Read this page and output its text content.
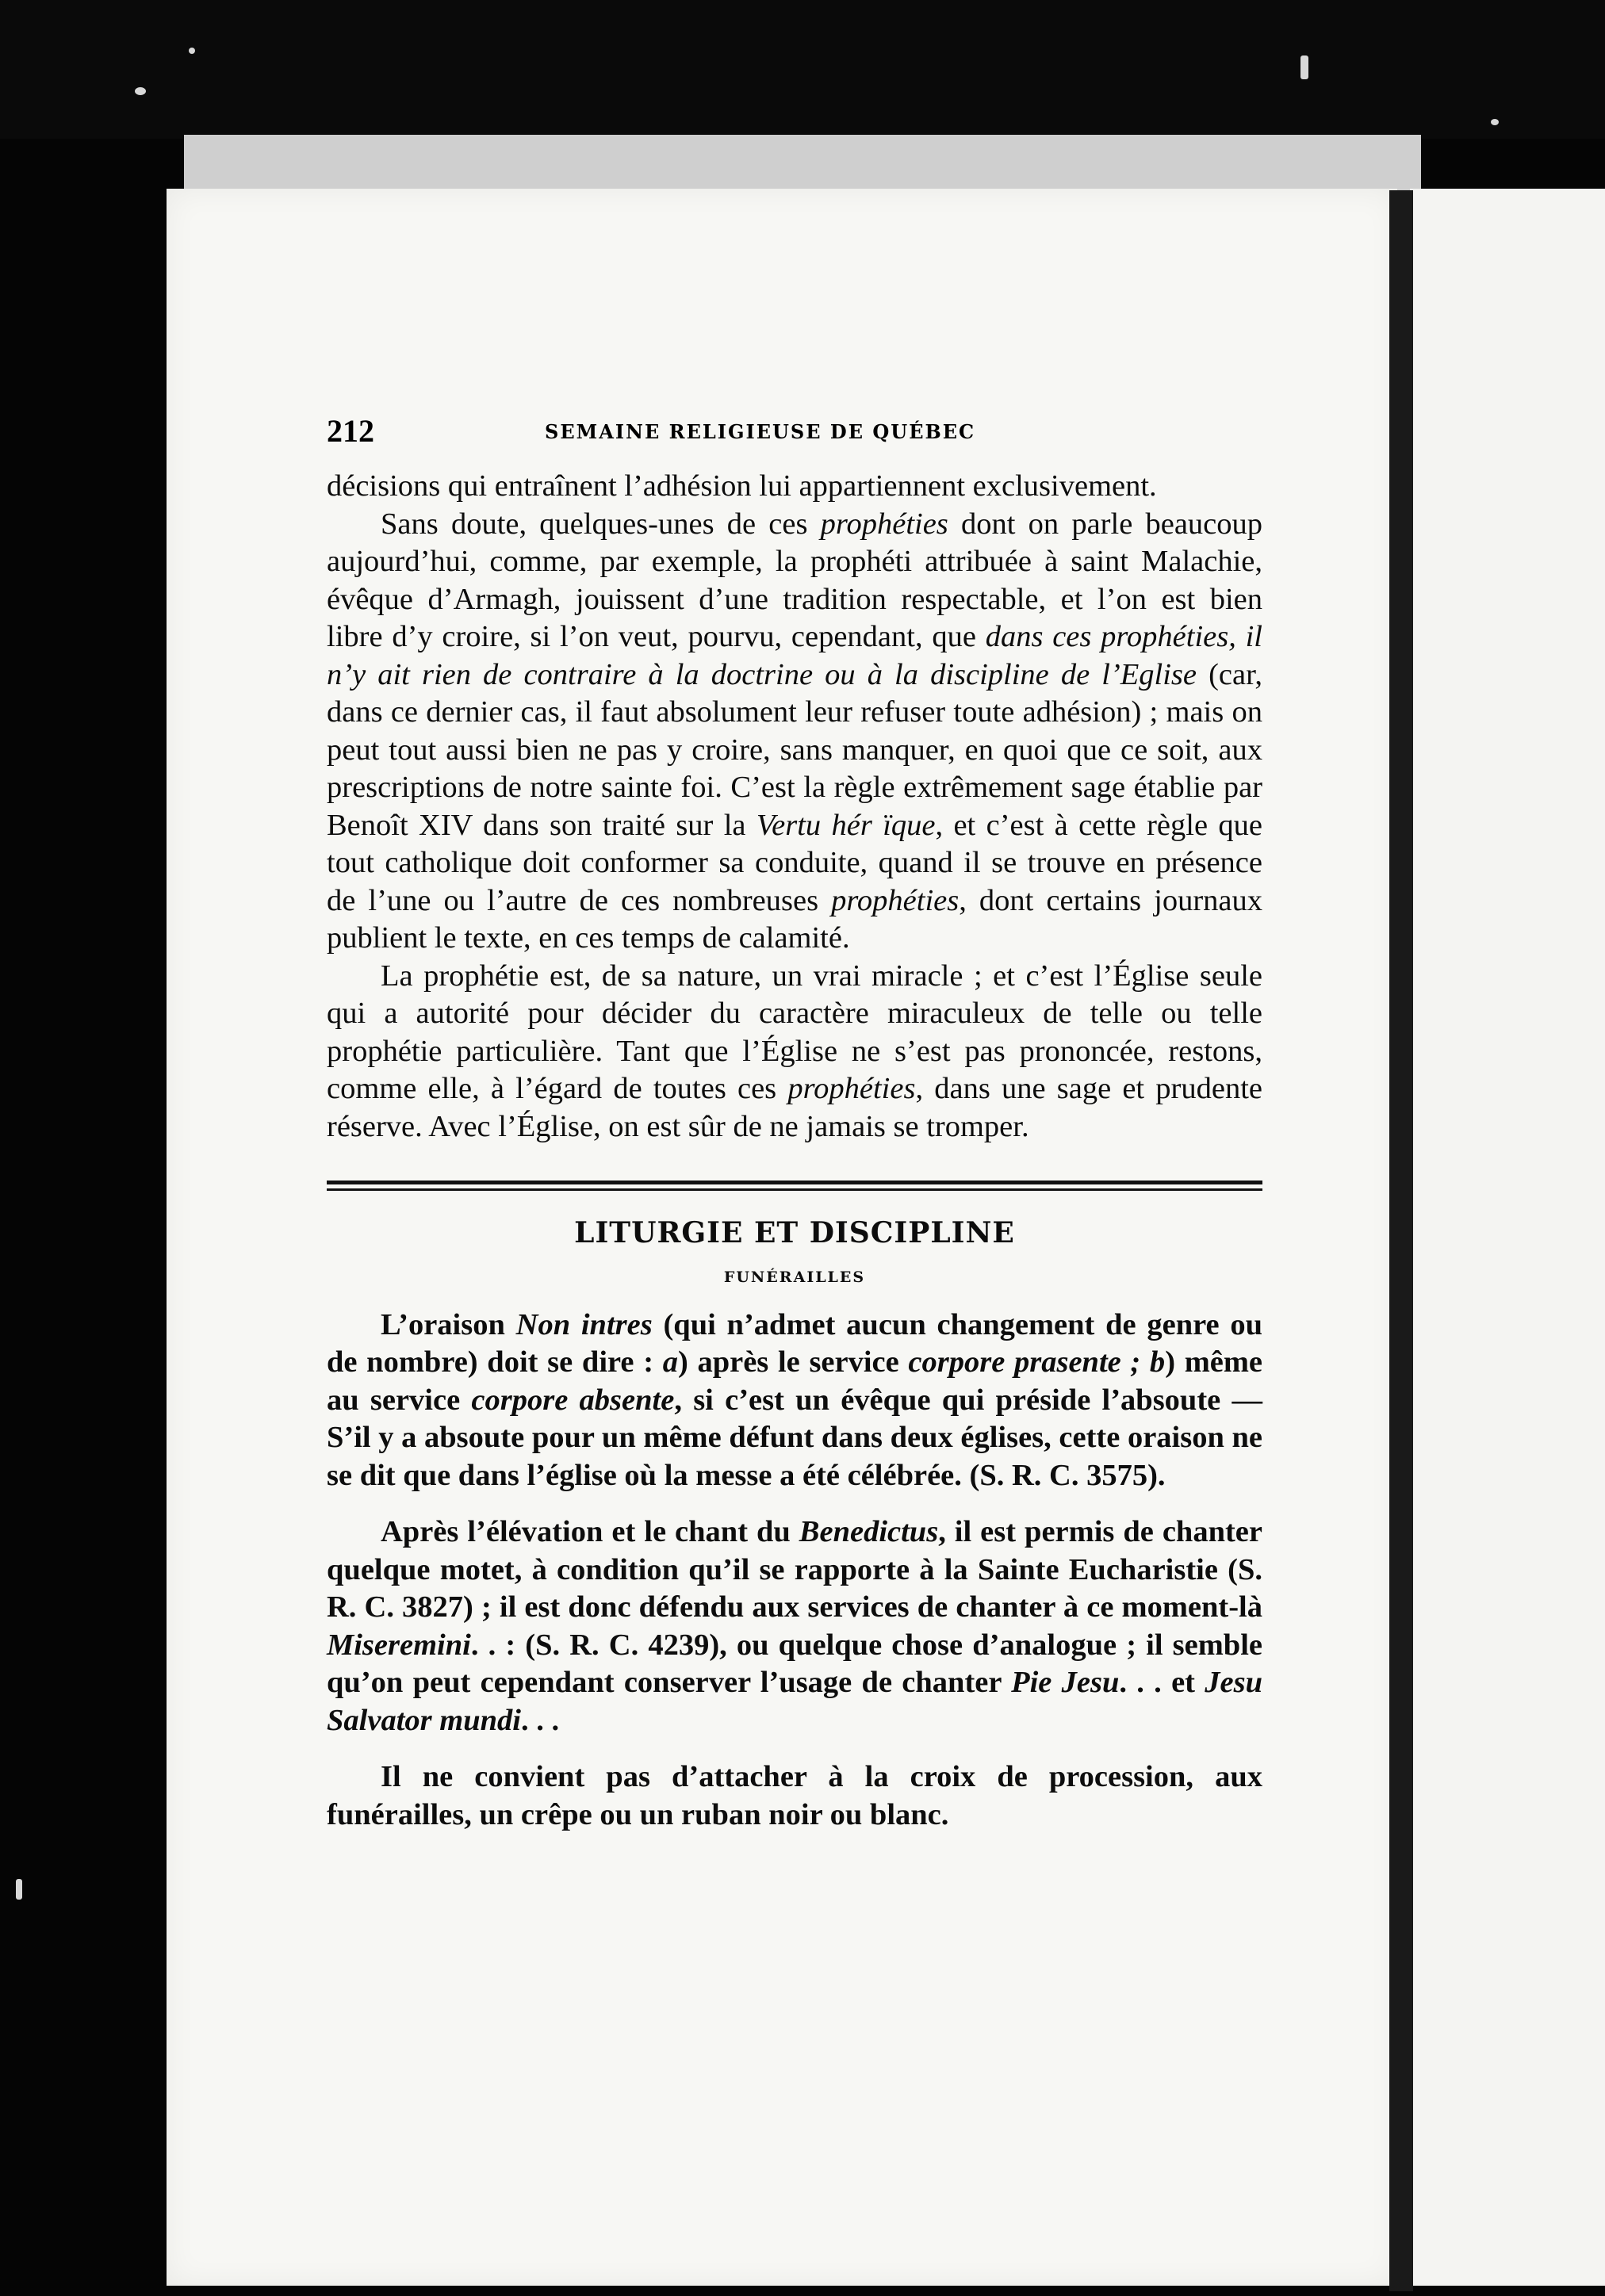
212	SEMAINE RELIGIEUSE DE QUÉBEC

décisions qui entraînent l’adhésion lui appartiennent exclusivement.

Sans doute, quelques-unes de ces prophéties dont on parle beaucoup aujourd’hui, comme, par exemple, la prophéti attribuée à saint Malachie, évêque d’Armagh, jouissent d’une tradition respectable, et l’on est bien libre d’y croire, si l’on veut, pourvu, cependant, que dans ces prophéties, il n’y ait rien de contraire à la doctrine ou à la discipline de l’Eglise (car, dans ce dernier cas, il faut absolument leur refuser toute adhésion) ; mais on peut tout aussi bien ne pas y croire, sans manquer, en quoi que ce soit, aux prescriptions de notre sainte foi. C’est la règle extrêmement sage établie par Benoît XIV dans son traité sur la Vertu hér ïque, et c’est à cette règle que tout catholique doit conformer sa conduite, quand il se trouve en présence de l’une ou l’autre de ces nombreuses prophéties, dont certains journaux publient le texte, en ces temps de calamité.

La prophétie est, de sa nature, un vrai miracle ; et c’est l’Église seule qui a autorité pour décider du caractère miraculeux de telle ou telle prophétie particulière. Tant que l’Église ne s’est pas prononcée, restons, comme elle, à l’égard de toutes ces prophéties, dans une sage et prudente réserve. Avec l’Église, on est sûr de ne jamais se tromper.

LITURGIE ET DISCIPLINE
FUNÉRAILLES

L’oraison Non intres (qui n’admet aucun changement de genre ou de nombre) doit se dire : a) après le service corpore prasente ; b) même au service corpore absente, si c’est un évêque qui préside l’absoute — S’il y a absoute pour un même défunt dans deux églises, cette oraison ne se dit que dans l’église où la messe a été célébrée. (S. R. C. 3575).

Après l’élévation et le chant du Benedictus, il est permis de chanter quelque motet, à condition qu’il se rapporte à la Sainte Eucharistie (S. R. C. 3827) ; il est donc défendu aux services de chanter à ce moment-là Miseremini. . : (S. R. C. 4239), ou quelque chose d’analogue ; il semble qu’on peut cependant conserver l’usage de chanter Pie Jesu. . . et Jesu Salvator mundi. . .

Il ne convient pas d’attacher à la croix de procession, aux funérailles, un crêpe ou un ruban noir ou blanc.
